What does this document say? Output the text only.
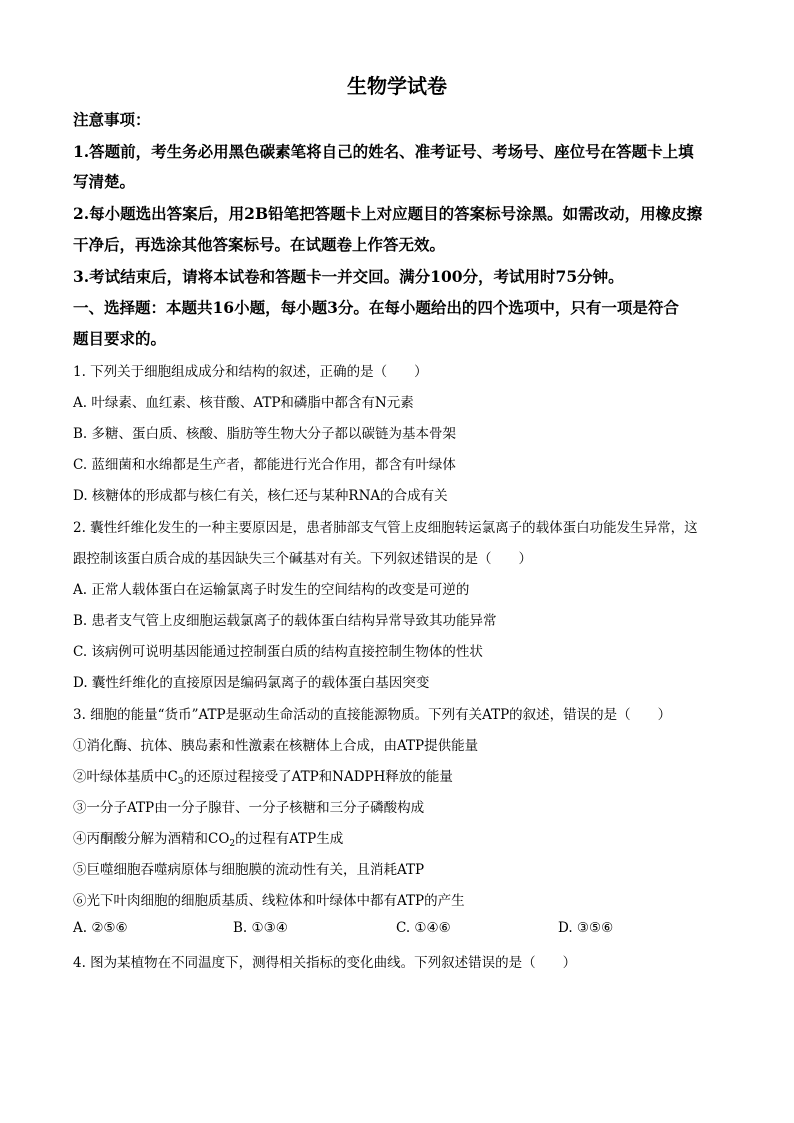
生物学试卷
注意事项：
1.答题前，考生务必用黑色碳素笔将自己的姓名、准考证号、考场号、座位号在答题卡上填
写清楚。
2.每小题选出答案后，用2B铅笔把答题卡上对应题目的答案标号涂黑。如需改动，用橡皮擦
干净后，再选涂其他答案标号。在试题卷上作答无效。
3.考试结束后，请将本试卷和答题卡一并交回。满分100分，考试用时75分钟。
一、选择题：本题共16小题，每小题3分。在每小题给出的四个选项中，只有一项是符合
题目要求的。
1. 下列关于细胞组成成分和结构的叙述，正确的是（　　）
A. 叶绿素、血红素、核苷酸、ATP和磷脂中都含有N元素
B. 多糖、蛋白质、核酸、脂肪等生物大分子都以碳链为基本骨架
C. 蓝细菌和水绵都是生产者，都能进行光合作用，都含有叶绿体
D. 核糖体的形成都与核仁有关，核仁还与某种RNA的合成有关
2. 囊性纤维化发生的一种主要原因是，患者肺部支气管上皮细胞转运氯离子的载体蛋白功能发生异常，这
跟控制该蛋白质合成的基因缺失三个碱基对有关。下列叙述错误的是（　　）
A. 正常人载体蛋白在运输氯离子时发生的空间结构的改变是可逆的
B. 患者支气管上皮细胞运载氯离子的载体蛋白结构异常导致其功能异常
C. 该病例可说明基因能通过控制蛋白质的结构直接控制生物体的性状
D. 囊性纤维化的直接原因是编码氯离子的载体蛋白基因突变
3. 细胞的能量“货币”ATP是驱动生命活动的直接能源物质。下列有关ATP的叙述，错误的是（　　）
①消化酶、抗体、胰岛素和性激素在核糖体上合成，由ATP提供能量
②叶绿体基质中$C_3$的还原过程接受了ATP和NADPH释放的能量
③一分子ATP由一分子腺苷、一分子核糖和三分子磷酸构成
④丙酮酸分解为酒精和$CO_2$的过程有ATP生成
⑤巨噬细胞吞噬病原体与细胞膜的流动性有关，且消耗ATP
⑥光下叶肉细胞的细胞质基质、线粒体和叶绿体中都有ATP的产生
A. ②⑤⑥	B. ①③④	C. ①④⑥	D. ③⑤⑥
4. 图为某植物在不同温度下，测得相关指标的变化曲线。下列叙述错误的是（　　）
